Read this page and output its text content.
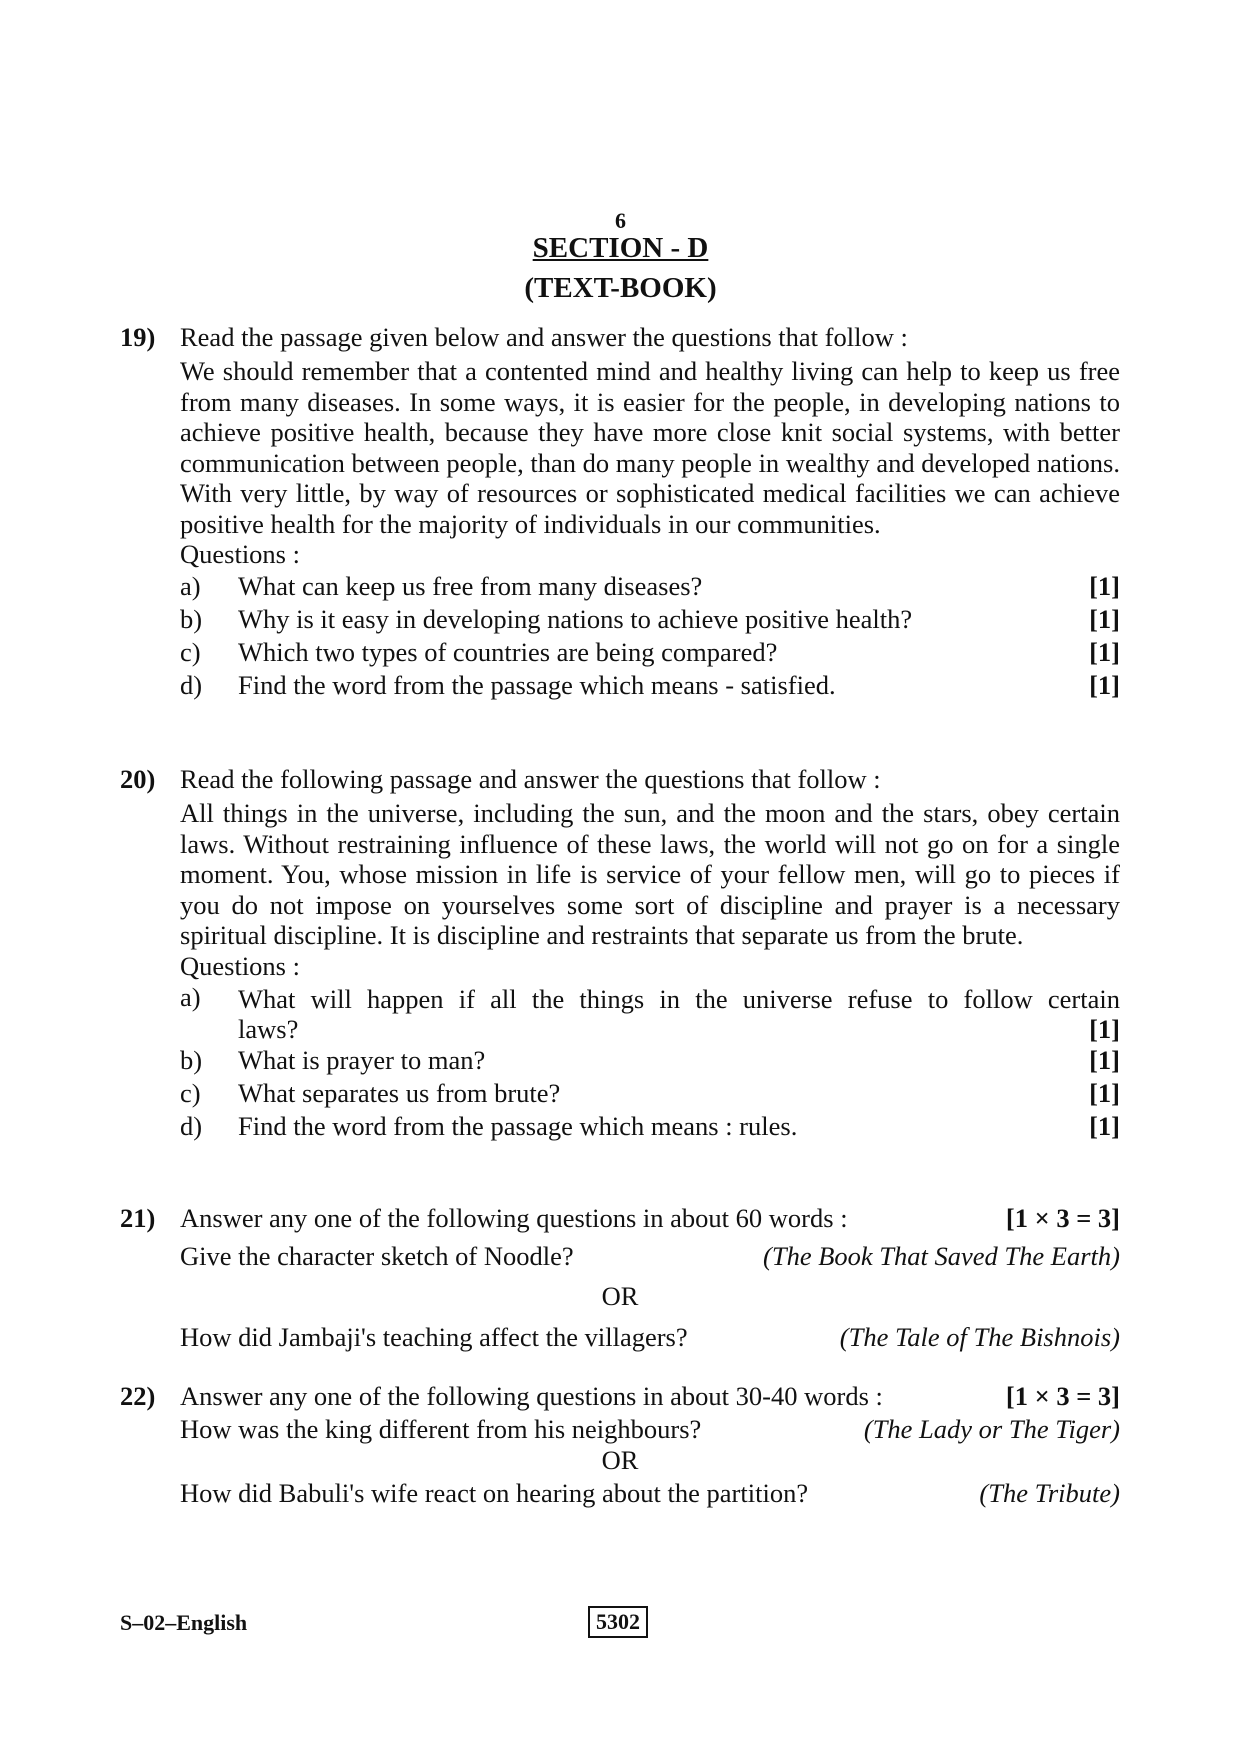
6
SECTION - D
(TEXT-BOOK)
19) Read the passage given below and answer the questions that follow :
We should remember that a contented mind and healthy living can help to keep us free from many diseases. In some ways, it is easier for the people, in developing nations to achieve positive health, because they have more close knit social systems, with better communication between people, than do many people in wealthy and developed nations. With very little, by way of resources or sophisticated medical facilities we can achieve positive health for the majority of individuals in our communities.
Questions :
a) What can keep us free from many diseases?	[1]
b) Why is it easy in developing nations to achieve positive health?	[1]
c) Which two types of countries are being compared?	[1]
d) Find the word from the passage which means - satisfied.	[1]
20) Read the following passage and answer the questions that follow :
All things in the universe, including the sun, and the moon and the stars, obey certain laws. Without restraining influence of these laws, the world will not go on for a single moment. You, whose mission in life is service of your fellow men, will go to pieces if you do not impose on yourselves some sort of discipline and prayer is a necessary spiritual discipline. It is discipline and restraints that separate us from the brute.
Questions :
a) What will happen if all the things in the universe refuse to follow certain
laws?	[1]
b) What is prayer to man?	[1]
c) What separates us from brute?	[1]
d) Find the word from the passage which means : rules.	[1]
21) Answer any one of the following questions in about 60 words :	[1 × 3 = 3]
Give the character sketch of Noodle?	(The Book That Saved The Earth)
OR
How did Jambaji's teaching affect the villagers?	(The Tale of The Bishnois)
22) Answer any one of the following questions in about 30-40 words :	[1 × 3 = 3]
How was the king different from his neighbours?	(The Lady or The Tiger)
OR
How did Babuli's wife react on hearing about the partition?	(The Tribute)
S–02–English	5302
